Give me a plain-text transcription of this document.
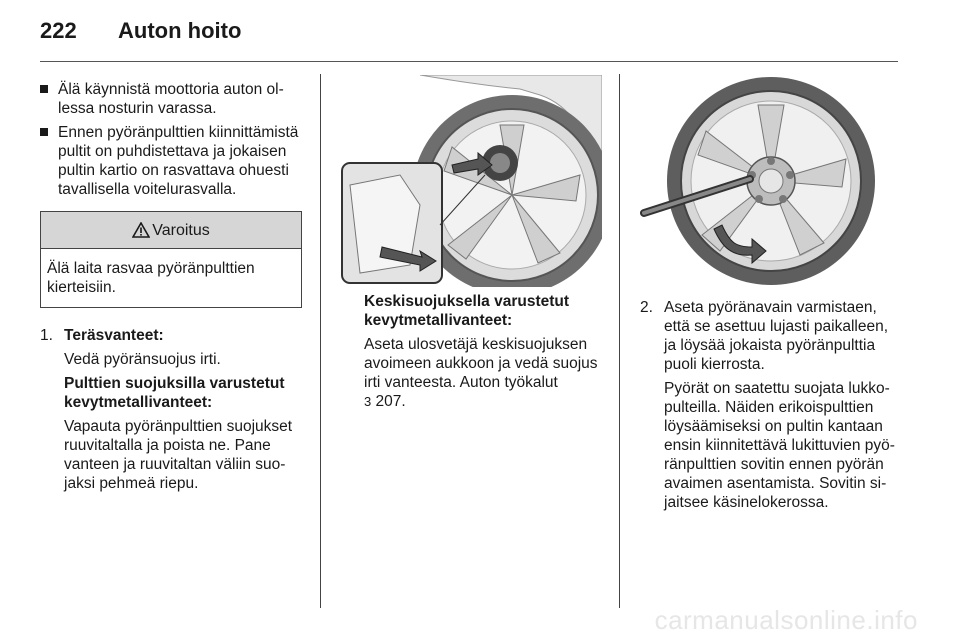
222 Auton hoito
Älä käynnistä moottoria auton ol-lessa nosturin varassa.
Ennen pyöränpulttien kiinnittämistä pultit on puhdistettava ja jokaisen pultin kartio on rasvattava ohuesti tavallisella voitelurasvalla.
Varoitus
Älä laita rasvaa pyöränpulttien kierteisiin.
1. Teräsvanteet:
Vedä pyöränsuojus irti.
Pulttien suojuksilla varustetut kevytmetallivanteet:
Vapauta pyöränpulttien suojukset ruuvitaltalla ja poista ne. Pane vanteen ja ruuvitaltan väliin suo-jaksi pehmeä riepu.
Keskisuojuksella varustetut kevytmetallivanteet:
Aseta ulosvetäjä keskisuojuksen avoimeen aukkoon ja vedä suojus irti vanteesta. Auton työkalut
3 207.
2. Aseta pyöränavain varmistaen, että se asettuu lujasti paikalleen, ja löysää jokaista pyöränpulttia puoli kierrosta.
Pyörät on saatettu suojata lukko-pulteilla. Näiden erikoispulttien löysäämiseksi on pultin kantaan ensin kiinnitettävä lukittuvien pyö-ränpulttien sovitin ennen pyörän avaimen asentamista. Sovitin si-jaitsee käsinelokerossa.
carmanualsonline.info
